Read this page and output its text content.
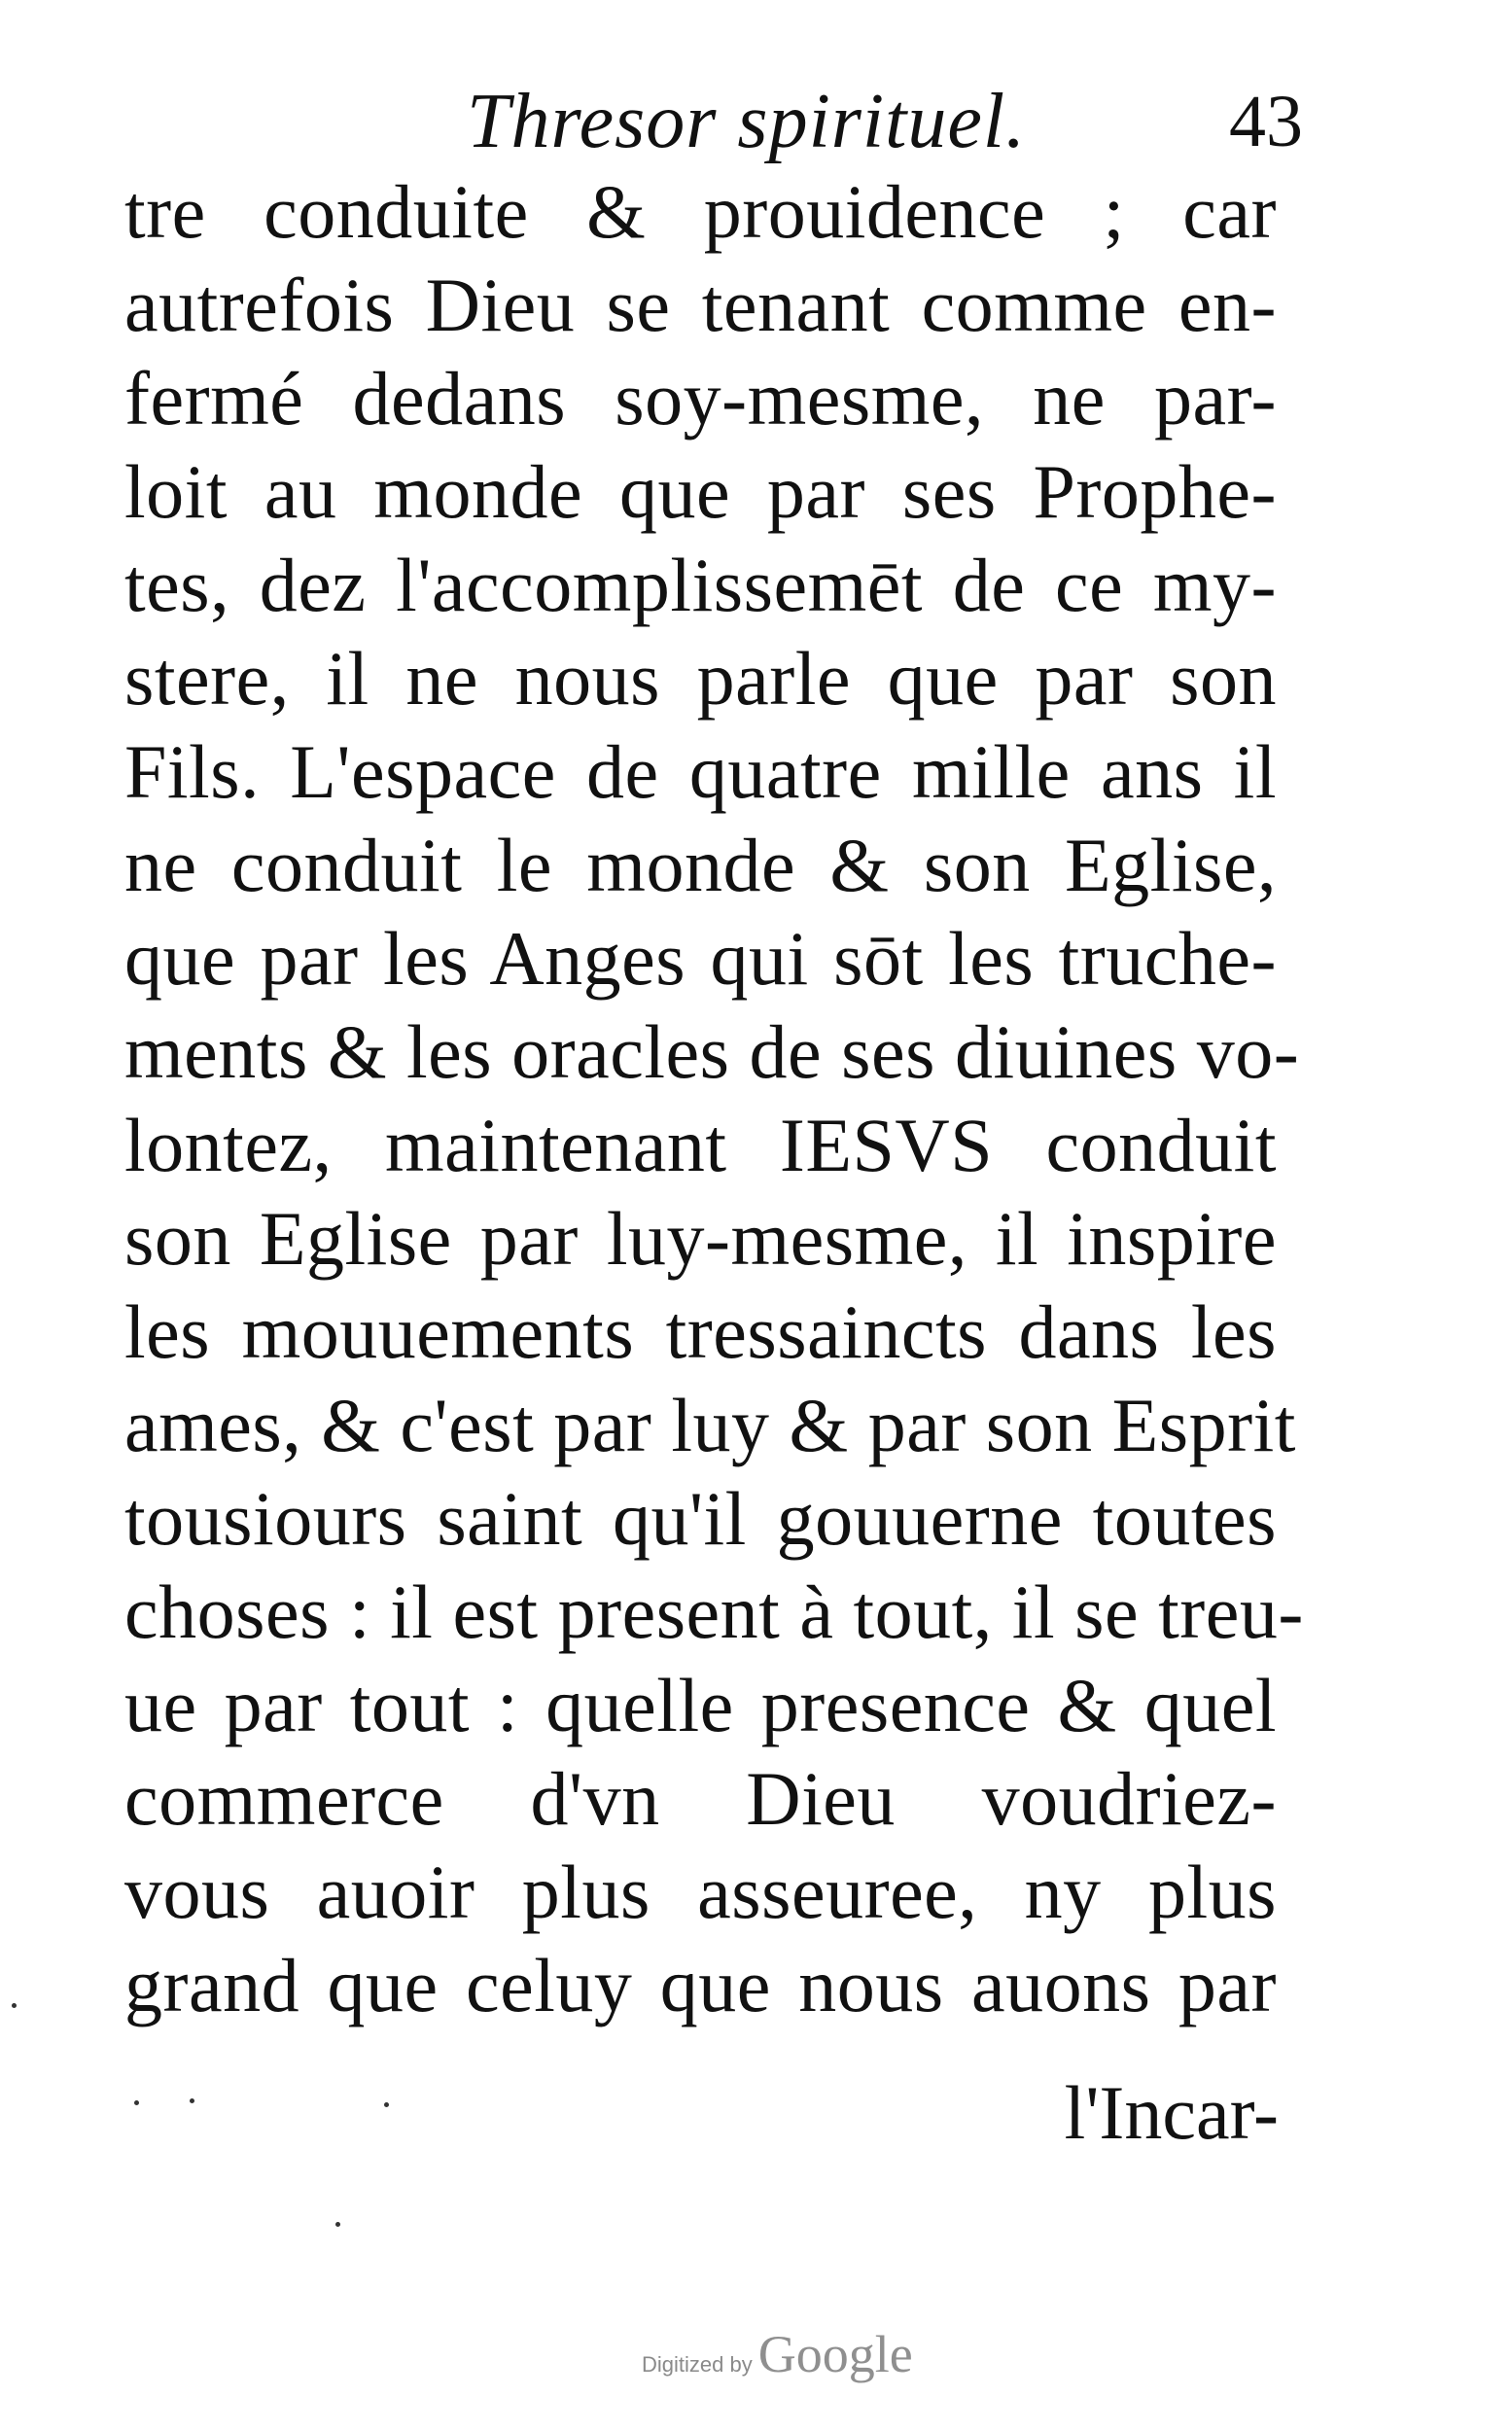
Thresor spirituel.	43
tre conduite & prouidence ; car
autrefois Dieu se tenant comme en-
fermé dedans soy-mesme, ne par-
loit au monde que par ses Prophe-
tes, dez l'accomplissemēt de ce my-
stere, il ne nous parle que par son
Fils. L'espace de quatre mille ans il
ne conduit le monde & son Eglise,
que par les Anges qui sōt les truche-
ments & les oracles de ses diuines vo-
lontez, maintenant IESVS conduit
son Eglise par luy-mesme, il inspire
les mouuements tressaincts dans les
ames, & c'est par luy & par son Esprit
tousiours saint qu'il gouuerne toutes
choses : il est present à tout, il se treu-
ue par tout : quelle presence & quel
commerce d'vn Dieu voudriez-
vous auoir plus asseuree, ny plus
grand que celuy que nous auons par
l'Incar-
Digitized by Google
